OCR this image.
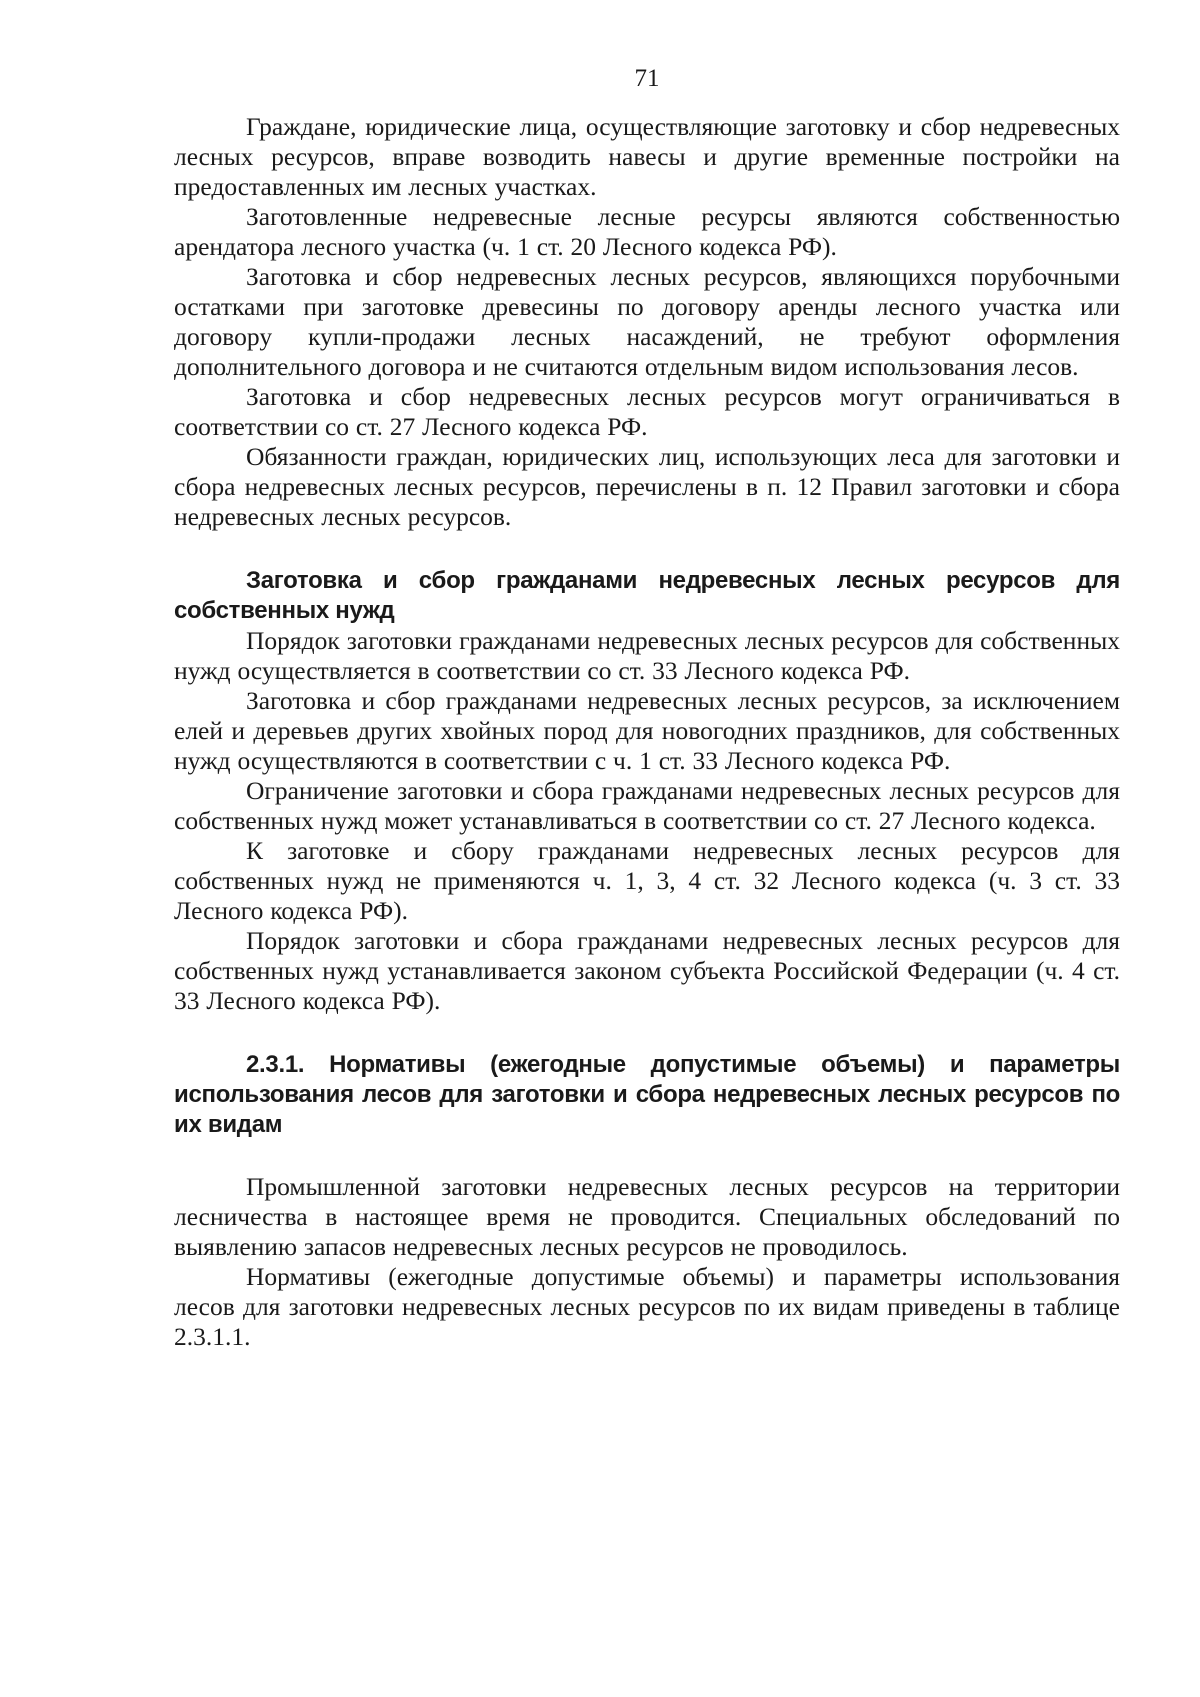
71

Граждане, юридические лица, осуществляющие заготовку и сбор недревесных лесных ресурсов, вправе возводить навесы и другие временные постройки на предоставленных им лесных участках.

Заготовленные недревесные лесные ресурсы являются собственностью арендатора лесного участка (ч. 1 ст. 20 Лесного кодекса РФ).

Заготовка и сбор недревесных лесных ресурсов, являющихся порубочными остатками при заготовке древесины по договору аренды лесного участка или договору купли-продажи лесных насаждений, не требуют оформления дополнительного договора и не считаются отдельным видом использования лесов.

Заготовка и сбор недревесных лесных ресурсов могут ограничиваться в соответствии со ст. 27 Лесного кодекса РФ.

Обязанности граждан, юридических лиц, использующих леса для заготовки и сбора недревесных лесных ресурсов, перечислены в п. 12 Правил заготовки и сбора недревесных лесных ресурсов.

Заготовка и сбор гражданами недревесных лесных ресурсов для собственных нужд

Порядок заготовки гражданами недревесных лесных ресурсов для собственных нужд осуществляется в соответствии со ст. 33 Лесного кодекса РФ.

Заготовка и сбор гражданами недревесных лесных ресурсов, за исключением елей и деревьев других хвойных пород для новогодних праздников, для собственных нужд осуществляются в соответствии с ч. 1 ст. 33 Лесного кодекса РФ.

Ограничение заготовки и сбора гражданами недревесных лесных ресурсов для собственных нужд может устанавливаться в соответствии со ст. 27 Лесного кодекса.

К заготовке и сбору гражданами недревесных лесных ресурсов для собственных нужд не применяются ч. 1, 3, 4 ст. 32 Лесного кодекса (ч. 3 ст. 33 Лесного кодекса РФ).

Порядок заготовки и сбора гражданами недревесных лесных ресурсов для собственных нужд устанавливается законом субъекта Российской Федерации (ч. 4 ст. 33 Лесного кодекса РФ).

2.3.1. Нормативы (ежегодные допустимые объемы) и параметры использования лесов для заготовки и сбора недревесных лесных ресурсов по их видам

Промышленной заготовки недревесных лесных ресурсов на территории лесничества в настоящее время не проводится. Специальных обследований по выявлению запасов недревесных лесных ресурсов не проводилось.

Нормативы (ежегодные допустимые объемы) и параметры использования лесов для заготовки недревесных лесных ресурсов по их видам приведены в таблице 2.3.1.1.
